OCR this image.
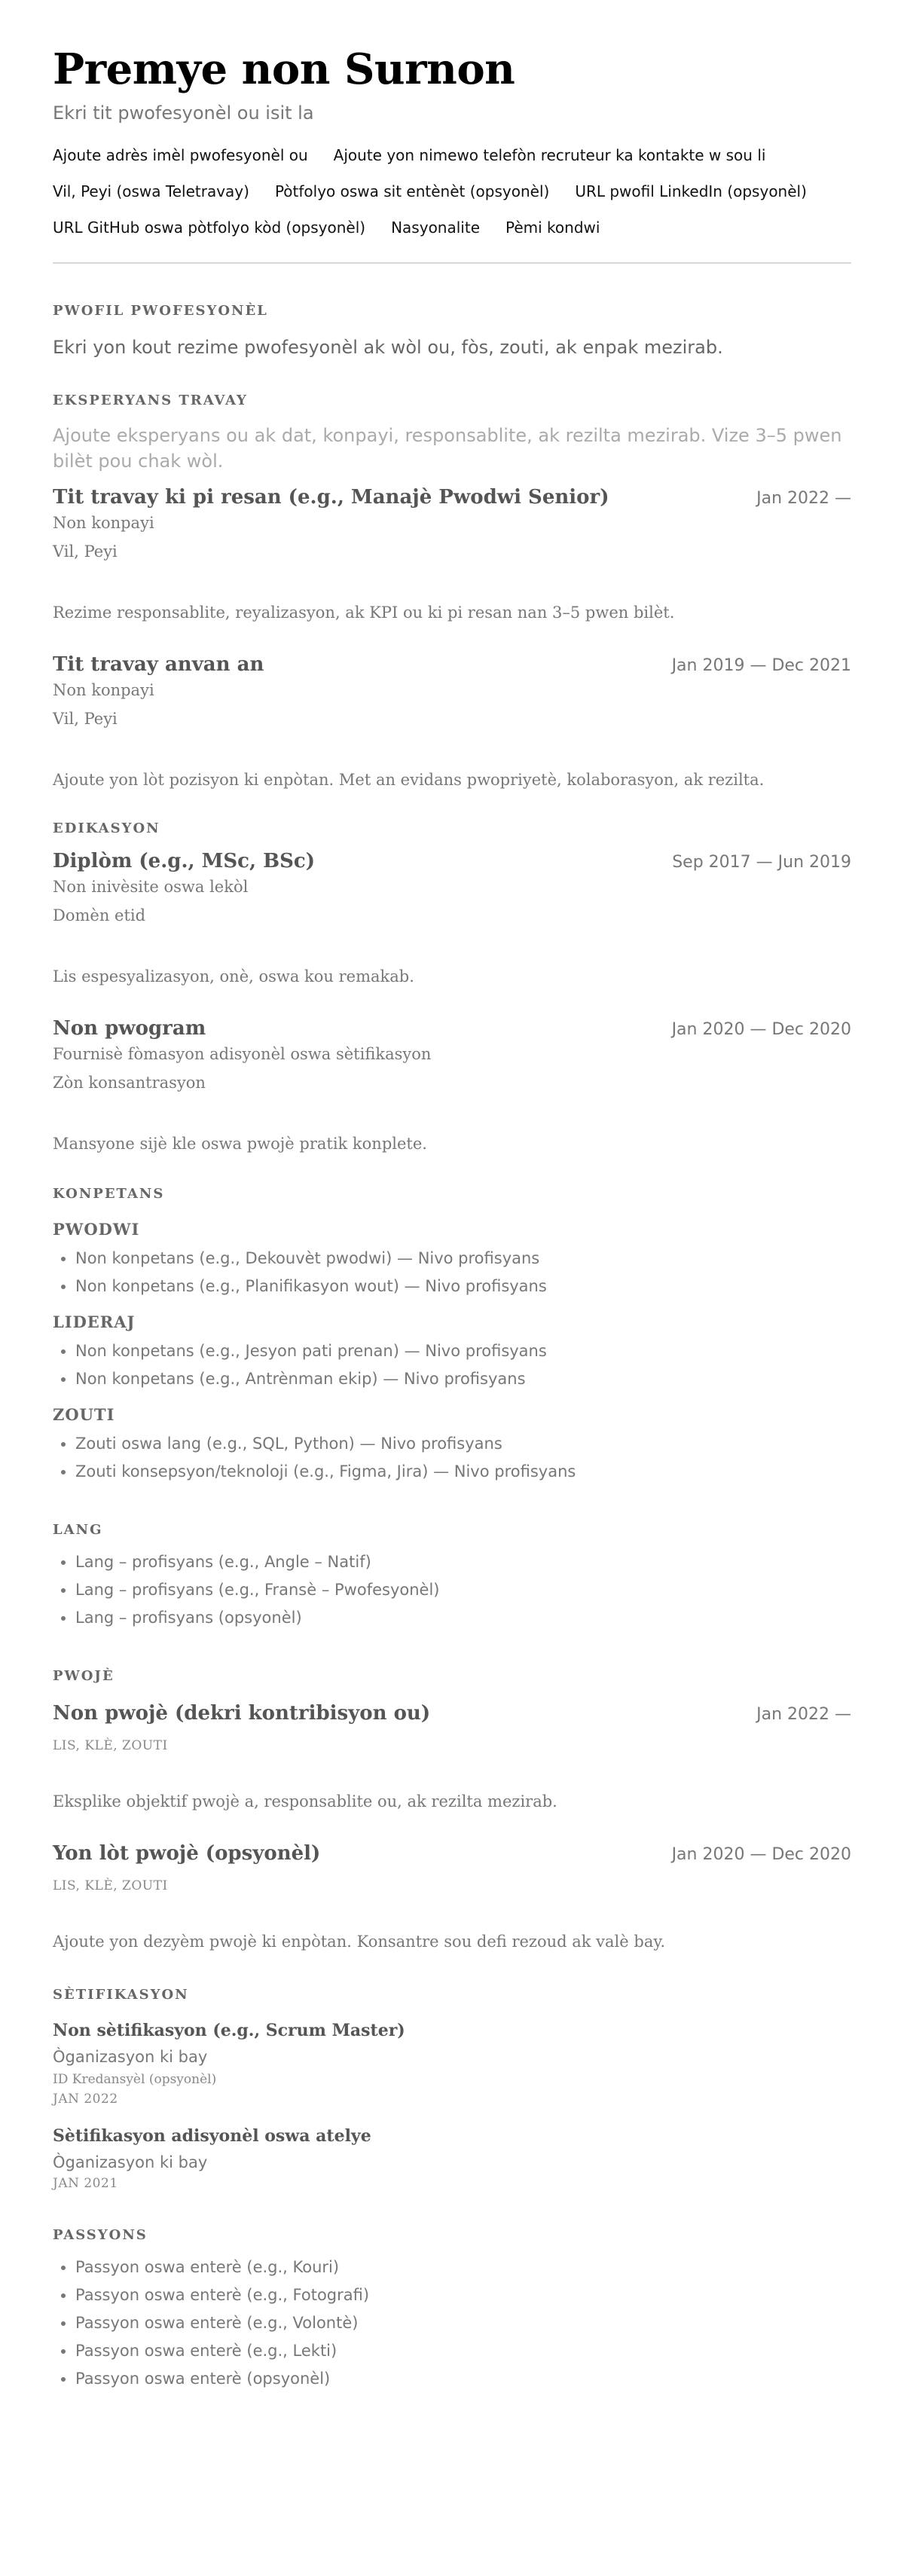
Premye non Surnon
Ekri tit pwofesyonèl ou isit la
Ajoute adrès imèl pwofesyonèl ou Ajoute yon nimewo telefòn recruteur ka kontakte w sou li
Vil, Peyi (oswa Teletravay) Pòtfolyo oswa sit entènèt (opsyonèl) URL pwofil LinkedIn (opsyonèl)
URL GitHub oswa pòtfolyo kòd (opsyonèl) Nasyonalite Pèmi kondwi
PWOFIL PWOFESYONÈL

Ekri yon kout rezime pwofesyonèl ak wòl ou, fòs, zouti, ak enpak mezirab.

EKSPERYANS TRAVAY

Ajoute eksperyans ou ak dat, konpayi, responsablite, ak rezilta mezirab. Vize 3–5 pwen bilèt pou chak wòl.

Tit travay ki pi resan (e.g., Manajè Pwodwi Senior)	Jan 2022 —
Non konpayi
Vil, Peyi

Rezime responsablite, reyalizasyon, ak KPI ou ki pi resan nan 3–5 pwen bilèt.

Tit travay anvan an	Jan 2019 — Dec 2021
Non konpayi
Vil, Peyi

Ajoute yon lòt pozisyon ki enpòtan. Met an evidans pwopriyetè, kolaborasyon, ak rezilta.

EDIKASYON
Diplòm (e.g., MSc, BSc)	Sep 2017 — Jun 2019
Non inivèsite oswa lekòl
Domèn etid

Lis espesyalizasyon, onè, oswa kou remakab.

Non pwogram	Jan 2020 — Dec 2020
Fournisè fòmasyon adisyonèl oswa sètifikasyon
Zòn konsantrasyon

Mansyone sijè kle oswa pwojè pratik konplete.

KONPETANS
PWODWI
• Non konpetans (e.g., Dekouvèt pwodwi) — Nivo profisyans
• Non konpetans (e.g., Planifikasyon wout) — Nivo profisyans
LIDERAJ
• Non konpetans (e.g., Jesyon pati prenan) — Nivo profisyans
• Non konpetans (e.g., Antrènman ekip) — Nivo profisyans
ZOUTI
• Zouti oswa lang (e.g., SQL, Python) — Nivo profisyans
• Zouti konsepsyon/teknoloji (e.g., Figma, Jira) — Nivo profisyans
LANG
• Lang – profisyans (e.g., Angle – Natif)
• Lang – profisyans (e.g., Fransè – Pwofesyonèl)
• Lang – profisyans (opsyonèl)
PWOJÈ
Non pwojè (dekri kontribisyon ou)	Jan 2022 —
LIS, KLÈ, ZOUTI

Eksplike objektif pwojè a, responsablite ou, ak rezilta mezirab.

Yon lòt pwojè (opsyonèl)	Jan 2020 — Dec 2020
LIS, KLÈ, ZOUTI

Ajoute yon dezyèm pwojè ki enpòtan. Konsantre sou defi rezoud ak valè bay.

SÈTIFIKASYON
Non sètifikasyon (e.g., Scrum Master)
Òganizasyon ki bay
ID Kredansyèl (opsyonèl)
JAN 2022
Sètifikasyon adisyonèl oswa atelye
Òganizasyon ki bay
JAN 2021
PASSYONS
• Passyon oswa enterè (e.g., Kouri)
• Passyon oswa enterè (e.g., Fotografi)
• Passyon oswa enterè (e.g., Volontè)
• Passyon oswa enterè (e.g., Lekti)
• Passyon oswa enterè (opsyonèl)
